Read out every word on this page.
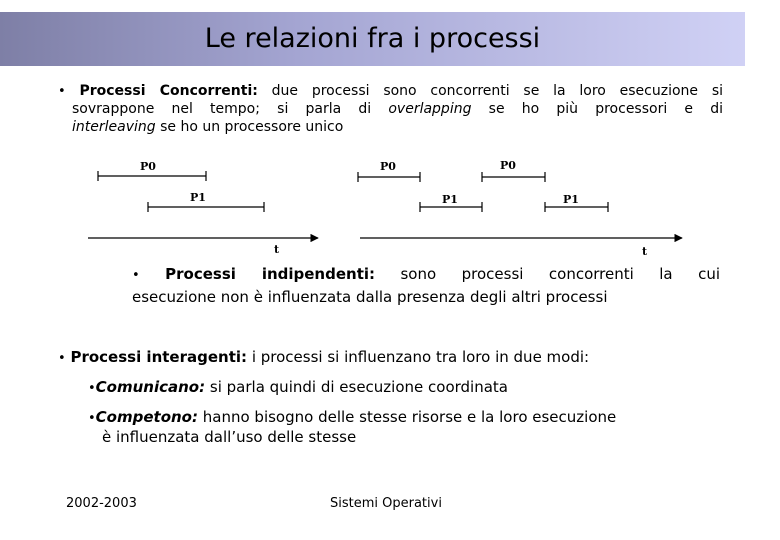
Le relazioni fra i processi
• Processi Concorrenti: due processi sono concorrenti se la loro esecuzione si
sovrappone nel tempo; si parla di overlapping se ho più processori e di
interleaving se ho un processore unico
P0
P1
t
P0	P0
P1	P1
t
• Processi indipendenti: sono processi concorrenti la cui
esecuzione non è influenzata dalla presenza degli altri processi
• Processi interagenti: i processi si influenzano tra loro in due modi:
•Comunicano: si parla quindi di esecuzione coordinata
•Competono: hanno bisogno delle stesse risorse e la loro esecuzione
è influenzata dall’uso delle stesse
2002-2003	Sistemi Operativi
